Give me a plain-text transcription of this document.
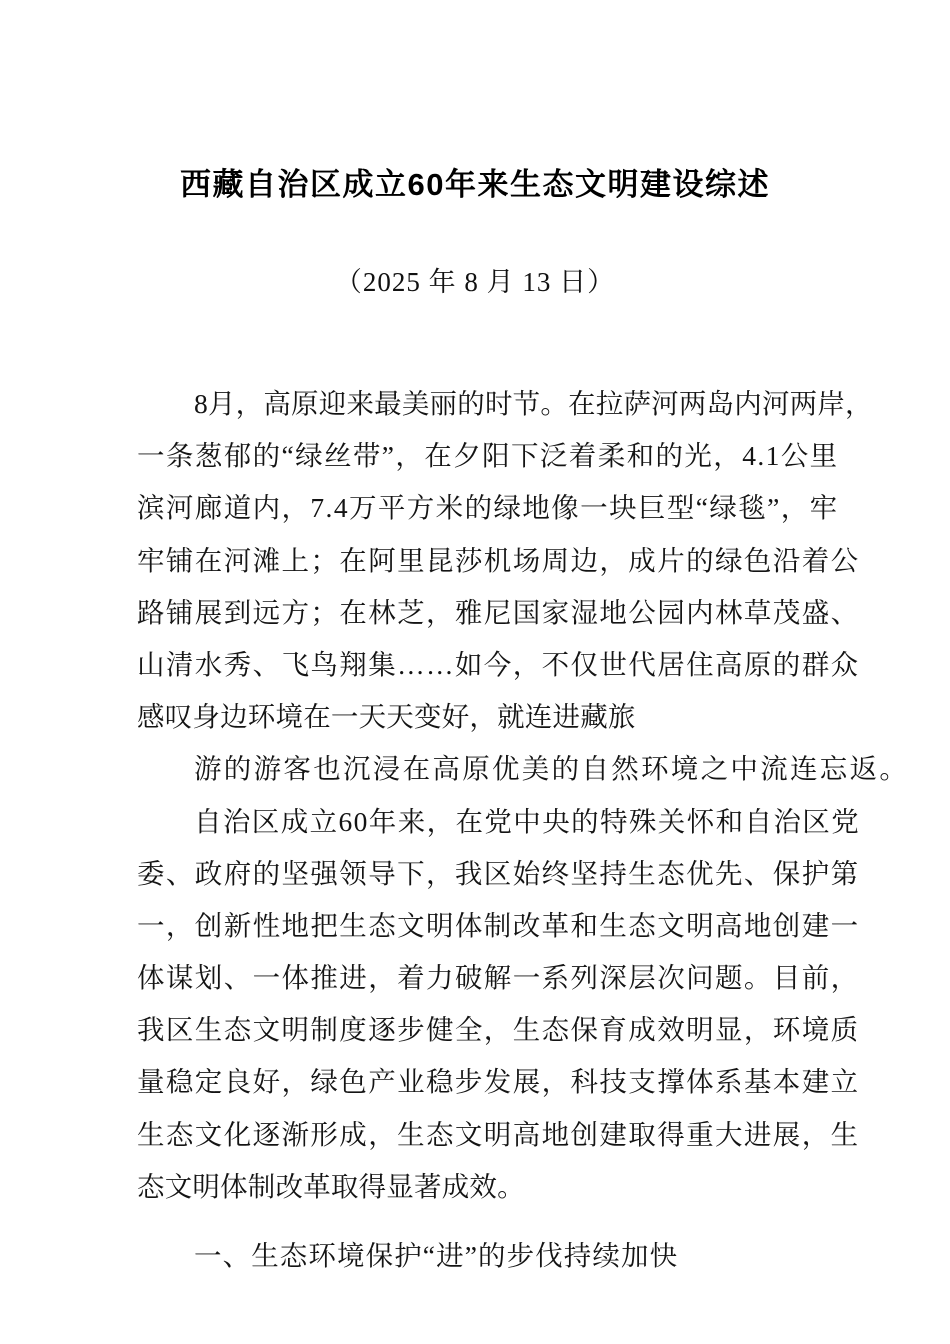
西藏自治区成立60年来生态文明建设综述
（2025 年 8 月 13 日）
8月，高原迎来最美丽的时节。在拉萨河两岛内河两岸，
一条葱郁的“绿丝带”，在夕阳下泛着柔和的光，4.1公里
滨河廊道内，7.4万平方米的绿地像一块巨型“绿毯”，牢
牢铺在河滩上；在阿里昆莎机场周边，成片的绿色沿着公
路铺展到远方；在林芝，雅尼国家湿地公园内林草茂盛、
山清水秀、飞鸟翔集……如今，不仅世代居住高原的群众
感叹身边环境在一天天变好，就连进藏旅
游的游客也沉浸在高原优美的自然环境之中流连忘返。
自治区成立60年来，在党中央的特殊关怀和自治区党
委、政府的坚强领导下，我区始终坚持生态优先、保护第
一，创新性地把生态文明体制改革和生态文明高地创建一
体谋划、一体推进，着力破解一系列深层次问题。目前，
我区生态文明制度逐步健全，生态保育成效明显，环境质
量稳定良好，绿色产业稳步发展，科技支撑体系基本建立
生态文化逐渐形成，生态文明高地创建取得重大进展，生
态文明体制改革取得显著成效。
一、生态环境保护“进”的步伐持续加快
